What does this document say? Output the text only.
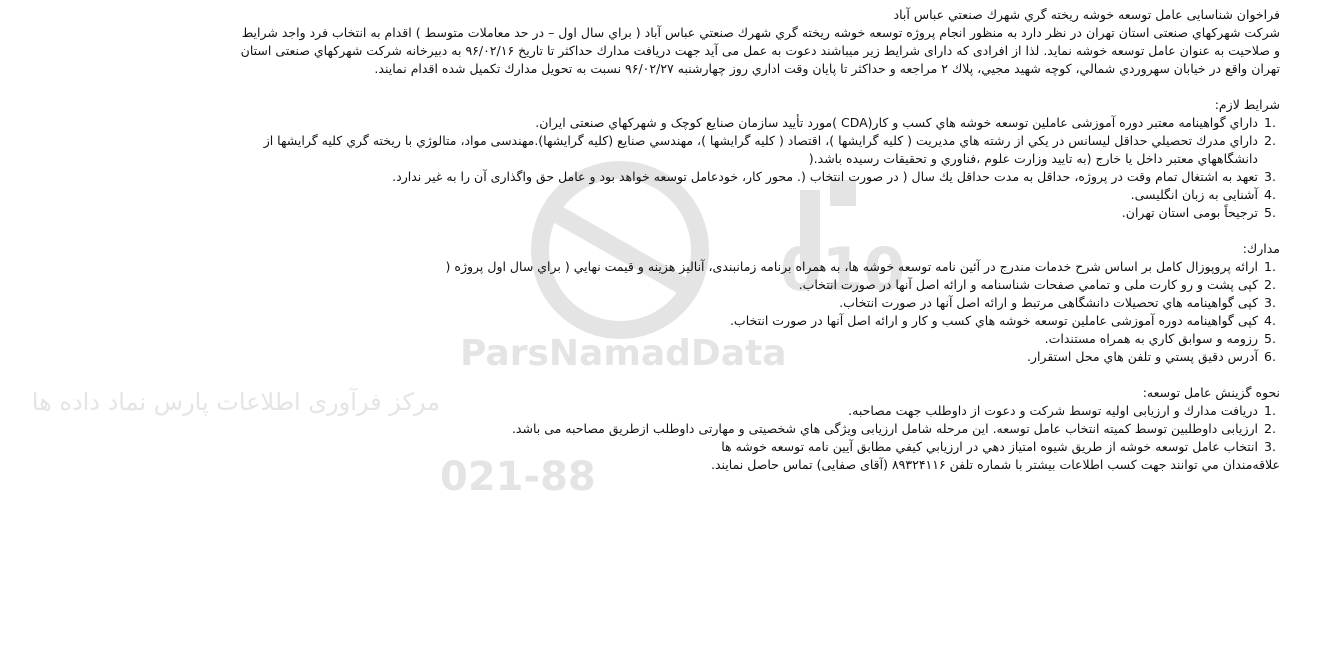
010
ParsNamadData
مرکز فرآوری اطلاعات پارس نماد داده ها
021-88

فراخوان شناسایی عامل توسعه خوشه ریخته گري شهرك صنعتي عباس آباد

شرکت شهرکهاي صنعتی استان تهران در نظر دارد به منظور انجام پروژه توسعه خوشه ریخته گري شهرك صنعتي عباس آباد ( براي سال اول – در حد معاملات متوسط ) اقدام به انتخاب فرد واجد شرایط و صلاحیت به عنوان عامل توسعه خوشه نماید. لذا از افرادی که دارای شرایط زیر میباشند دعوت به عمل می آید جهت دریافت مدارك حداكثر تا تاريخ ۹۶/۰۲/۱۶ به دبیرخانه شرکت شهرکهاي صنعتی استان تهران واقع در خیابان سهروردي شمالي، كوچه شهید مجيي، پلاك ۲ مراجعه و حداكثر تا پايان وقت اداري روز چهارشنبه ۹۶/۰۲/۲۷ نسبت به تحویل مدارك تكمیل شده اقدام نمایند.

شرایط لازم:

1.
داراي گواهینامه معتبر دوره آموزشی عاملین توسعه خوشه هاي کسب و کار(CDA )مورد تأیید سازمان صنایع کوچک و شهرکهاي صنعتی ایران.
2.
داراي مدرك تحصيلي حداقل ليسانس در يكي از رشته هاي مديريت ( كليه گرايشها )، اقتصاد ( كليه گرايشها )، مهندسي صنايع (كليه گرايشها).مهندسی مواد، متالوژي با ریخته گري کلیه گرایشها از دانشگاههاي معتبر داخل يا خارج (به تاييد وزارت علوم ،فناوري و تحقيقات رسيده باشد.(
3.
تعهد به اشتغال تمام وقت در پروژه، حداقل به مدت حداقل يك سال ( در صورت انتخاب (. محور کار، خودعامل توسعه خواهد بود و عامل حق واگذاری آن را به غیر ندارد.
4.
آشنایی به زبان انگلیسی.
5.
ترجیحاً بومی استان تهران.

مدارك:

1.
ارائه پروپوزال كامل بر اساس شرح خدمات مندرج در آئین نامه توسعه خوشه ها، به همراه برنامه زمانبندی، آنالیز هزینه و قيمت نهايي ( براي سال اول پروژه (
2.
کپی پشت و رو کارت ملی و تمامي صفحات شناسنامه و ارائه اصل آنها در صورت انتخاب.
3.
کپی گواهینامه هاي تحصیلات دانشگاهی مرتبط و ارائه اصل آنها در صورت انتخاب.
4.
کپی گواهینامه دوره آموزشی عاملین توسعه خوشه هاي کسب و کار و ارائه اصل آنها در صورت انتخاب.
5.
رزومه و سوابق كاري به همراه مستندات.
6.
آدرس دقيق پستي و تلفن هاي محل استقرار.

نحوه گزينش عامل توسعه:

1.
دریافت مدارك و ارزیابی اولیه توسط شرکت و دعوت از داوطلب جهت مصاحبه.
2.
ارزیابی داوطلبین توسط کمیته انتخاب عامل توسعه. این مرحله شامل ارزیابی ویژگی هاي شخصیتی و مهارتی داوطلب ازطریق مصاحبه می باشد.
3.
انتخاب عامل توسعه خوشه از طريق شيوه امتياز دهي در ارزيابي كيفي مطابق آيين نامه توسعه خوشه ها

علاقه‌مندان مي توانند جهت كسب اطلاعات بيشتر با شماره تلفن ۸۹۳۲۴۱۱۶ (آقای صفایی) تماس حاصل نمایند.
